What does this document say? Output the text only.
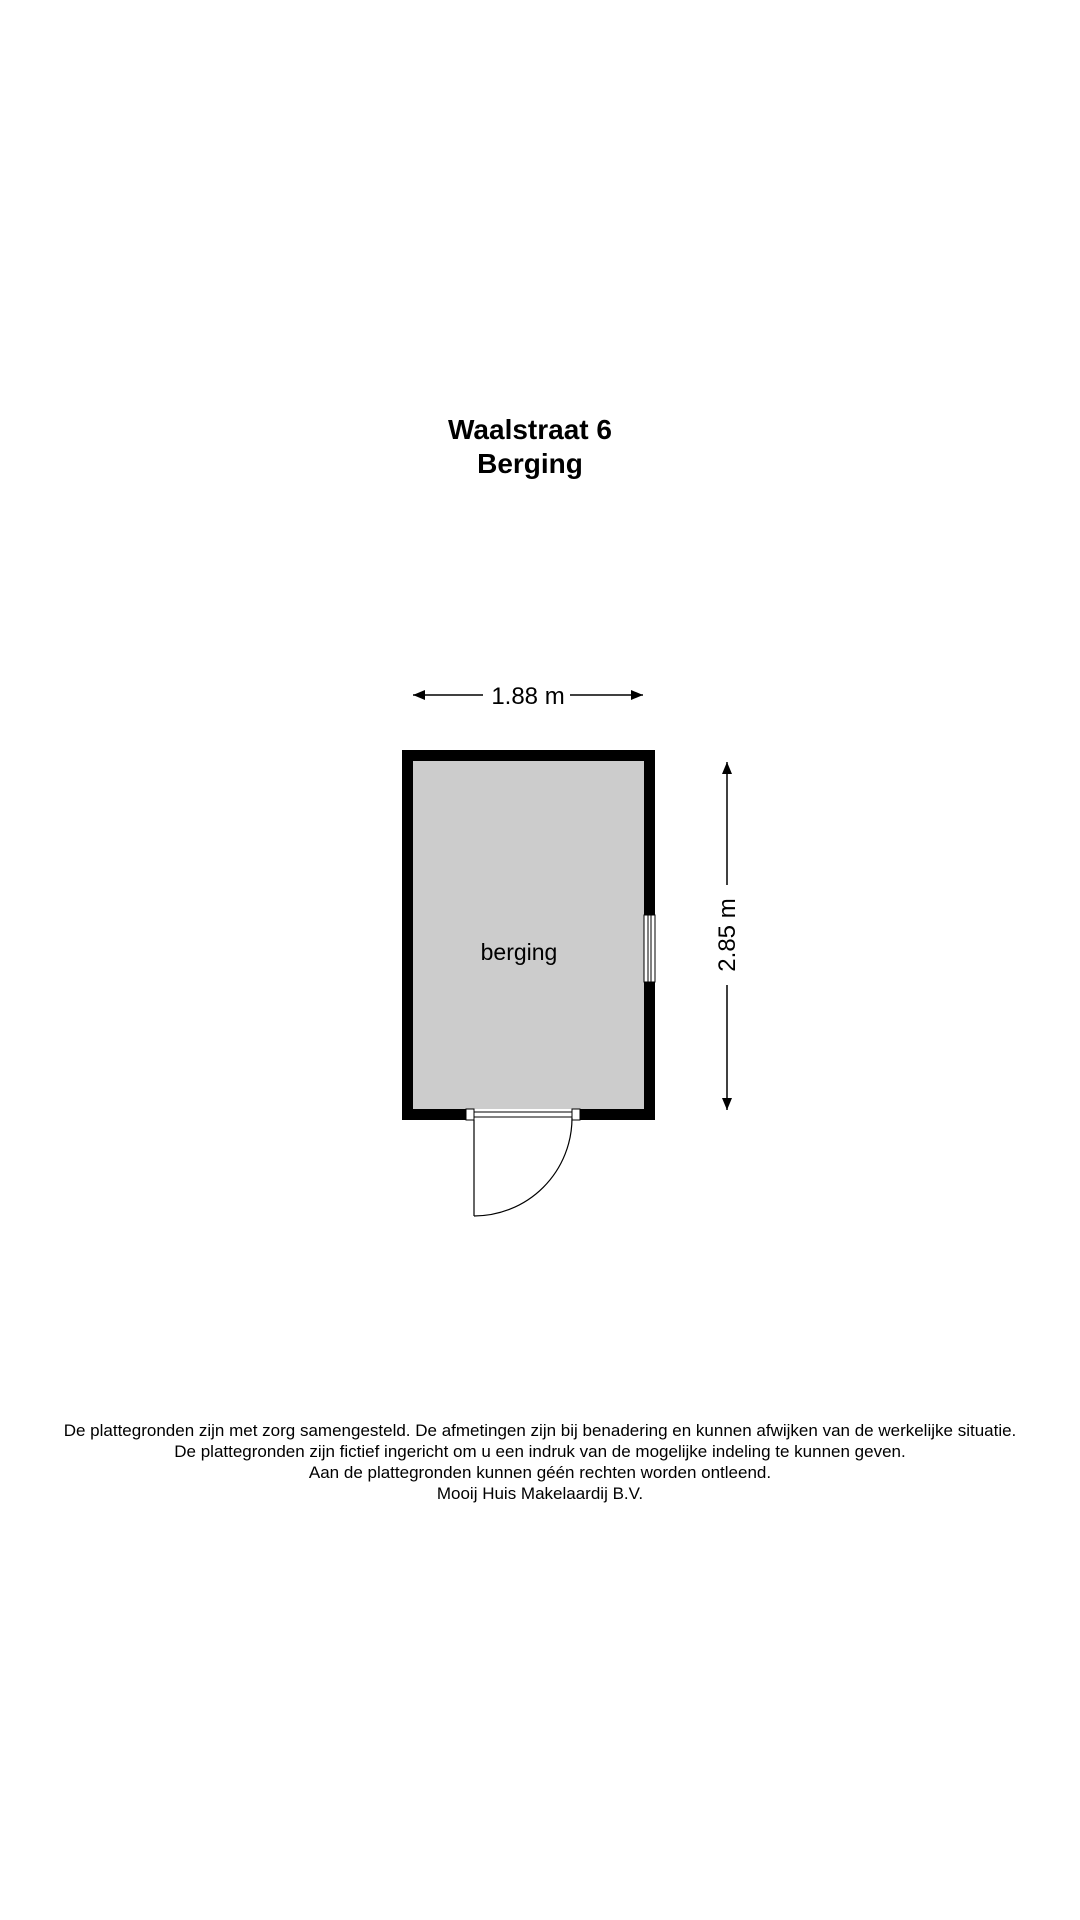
Waalstraat 6
Berging
1.88 m
2.85 m
berging
De plattegronden zijn met zorg samengesteld. De afmetingen zijn bij benadering en kunnen afwijken van de werkelijke situatie.
De plattegronden zijn fictief ingericht om u een indruk van de mogelijke indeling te kunnen geven.
Aan de plattegronden kunnen géén rechten worden ontleend.
Mooij Huis Makelaardij B.V.
